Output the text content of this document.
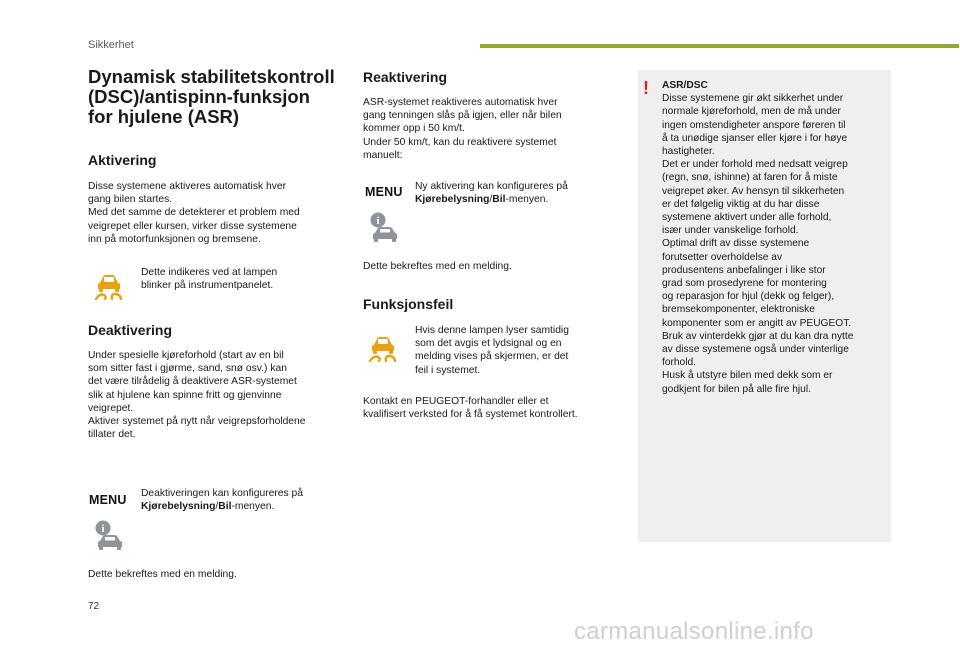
Sikkerhet
Dynamisk stabilitetskontroll
(DSC)/antispinn-funksjon
for hjulene (ASR)
Aktivering
Disse systemene aktiveres automatisk hver
gang bilen startes.
Med det samme de detekterer et problem med
veigrepet eller kursen, virker disse systemene
inn på motorfunksjonen og bremsene.
Dette indikeres ved at lampen
blinker på instrumentpanelet.
Deaktivering
Under spesielle kjøreforhold (start av en bil
som sitter fast i gjørme, sand, snø osv.) kan
det være tilrådelig å deaktivere ASR-systemet
slik at hjulene kan spinne fritt og gjenvinne
veigrepet.
Aktiver systemet på nytt når veigrepsforholdene
tillater det.
MENU Deaktiveringen kan konfigureres på
Kjørebelysning/Bil-menyen.
i
Dette bekreftes med en melding.
Reaktivering
ASR-systemet reaktiveres automatisk hver
gang tenningen slås på igjen, eller når bilen
kommer opp i 50 km/t.
Under 50 km/t, kan du reaktivere systemet
manuelt:
MENU Ny aktivering kan konfigureres på
Kjørebelysning/Bil-menyen.
i
Dette bekreftes med en melding.
Funksjonsfeil
Hvis denne lampen lyser samtidig
som det avgis et lydsignal og en
melding vises på skjermen, er det
feil i systemet.
Kontakt en PEUGEOT-forhandler eller et
kvalifisert verksted for å få systemet kontrollert.
! ASR/DSC
Disse systemene gir økt sikkerhet under
normale kjøreforhold, men de må under
ingen omstendigheter anspore føreren til
å ta unødige sjanser eller kjøre i for høye
hastigheter.
Det er under forhold med nedsatt veigrep
(regn, snø, ishinne) at faren for å miste
veigrepet øker. Av hensyn til sikkerheten
er det følgelig viktig at du har disse
systemene aktivert under alle forhold,
især under vanskelige forhold.
Optimal drift av disse systemene
forutsetter overholdelse av
produsentens anbefalinger i like stor
grad som prosedyrene for montering
og reparasjon for hjul (dekk og felger),
bremsekomponenter, elektroniske
komponenter som er angitt av PEUGEOT.
Bruk av vinterdekk gjør at du kan dra nytte
av disse systemene også under vinterlige
forhold.
Husk å utstyre bilen med dekk som er
godkjent for bilen på alle fire hjul.
72
carmanualsonline.info
